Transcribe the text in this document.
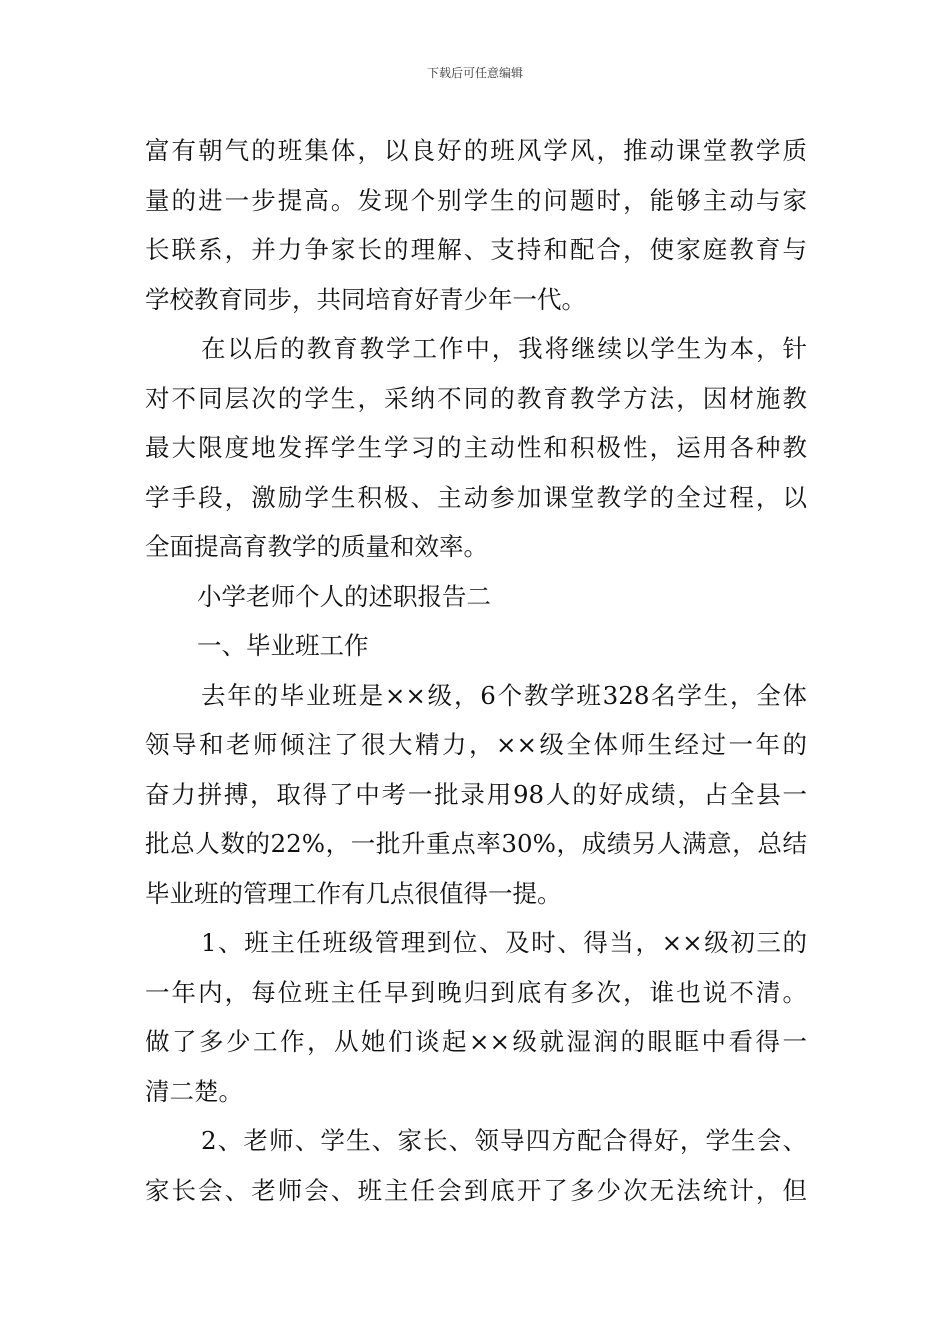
下载后可任意编辑
富有朝气的班集体，以良好的班风学风，推动课堂教学质
量的进一步提高。发现个别学生的问题时，能够主动与家
长联系，并力争家长的理解、支持和配合，使家庭教育与
学校教育同步，共同培育好青少年一代。
在以后的教育教学工作中，我将继续以学生为本，针
对不同层次的学生，采纳不同的教育教学方法，因材施教
最大限度地发挥学生学习的主动性和积极性，运用各种教
学手段，激励学生积极、主动参加课堂教学的全过程，以
全面提高育教学的质量和效率。
小学老师个人的述职报告二
一、毕业班工作
去年的毕业班是××级，6个教学班328名学生，全体
领导和老师倾注了很大精力，××级全体师生经过一年的
奋力拼搏，取得了中考一批录用98人的好成绩，占全县一
批总人数的22%，一批升重点率30%，成绩另人满意，总结
毕业班的管理工作有几点很值得一提。
1、班主任班级管理到位、及时、得当，××级初三的
一年内，每位班主任早到晚归到底有多次，谁也说不清。
做了多少工作，从她们谈起××级就湿润的眼眶中看得一
清二楚。
2、老师、学生、家长、领导四方配合得好，学生会、
家长会、老师会、班主任会到底开了多少次无法统计，但
